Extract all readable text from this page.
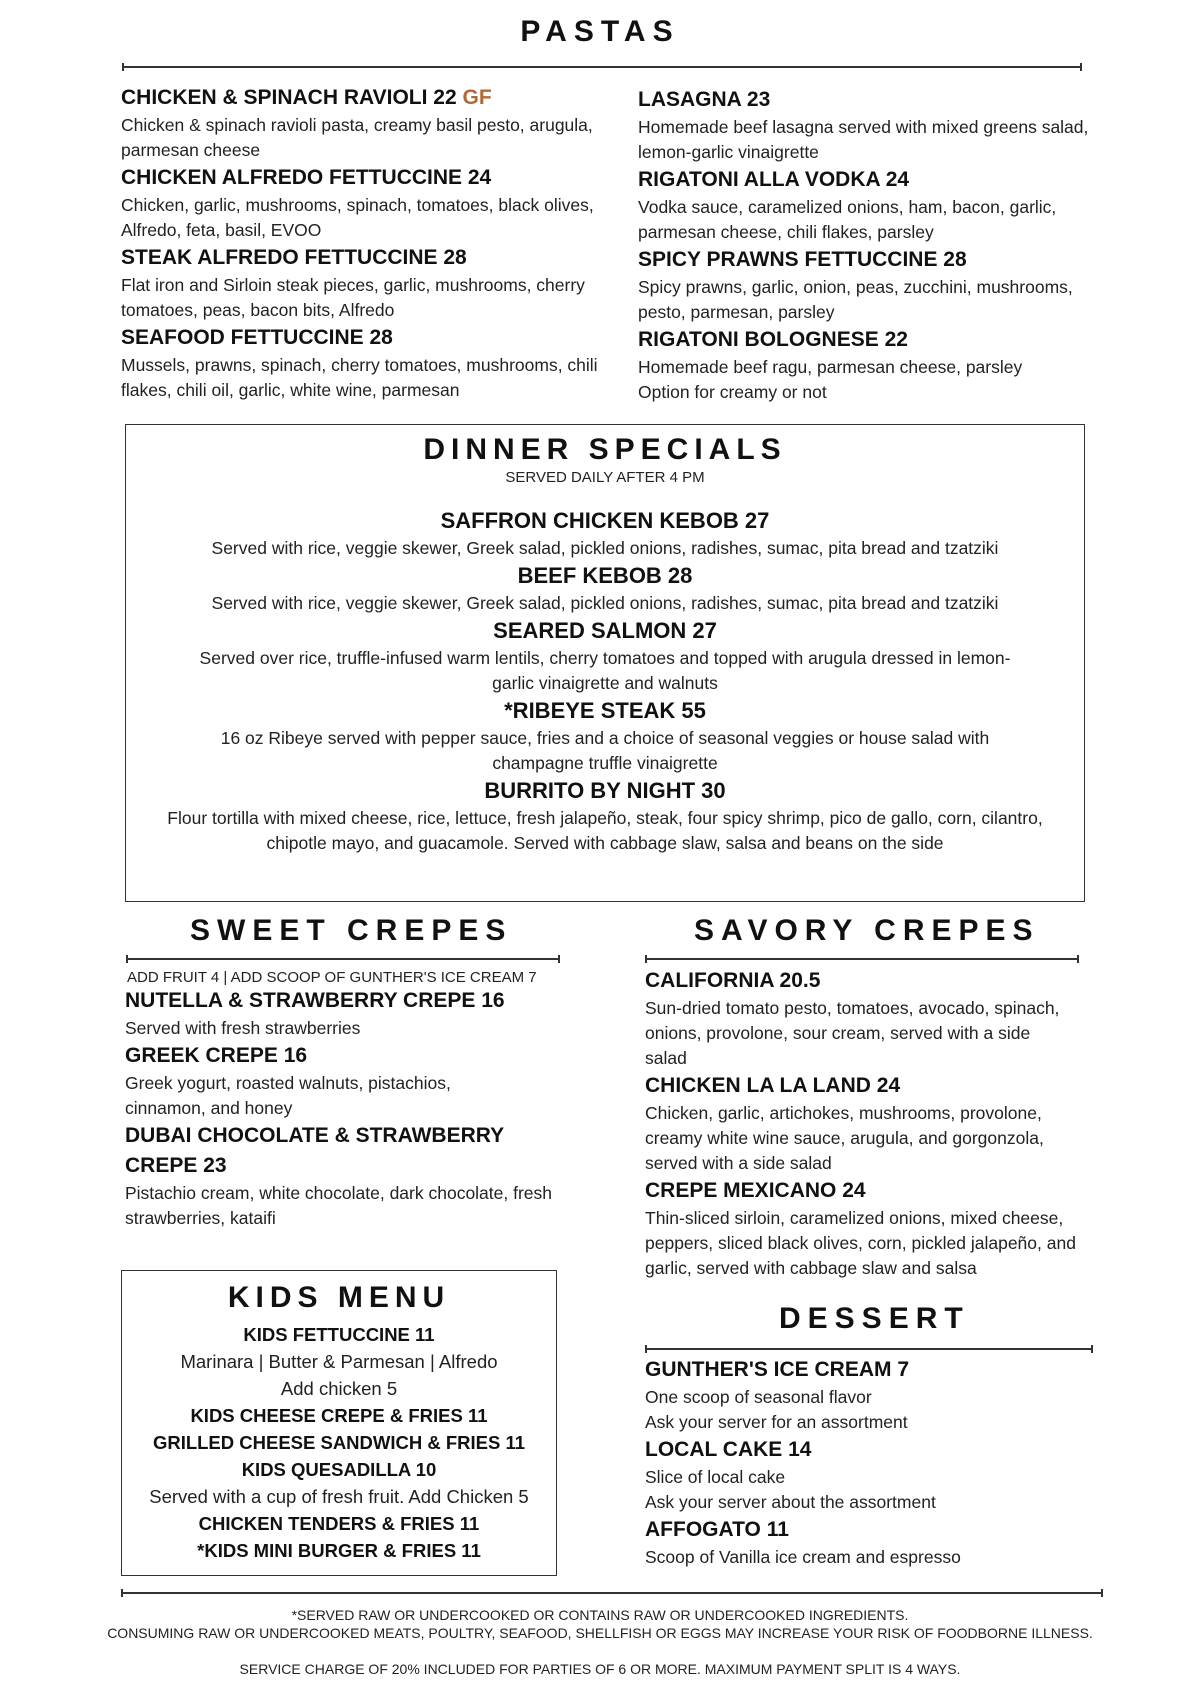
PASTAS
CHICKEN & SPINACH RAVIOLI 22 GF
Chicken & spinach ravioli pasta, creamy basil pesto, arugula, parmesan cheese
CHICKEN ALFREDO FETTUCCINE 24
Chicken, garlic, mushrooms, spinach, tomatoes, black olives, Alfredo, feta, basil, EVOO
STEAK ALFREDO FETTUCCINE 28
Flat iron and Sirloin steak pieces, garlic, mushrooms, cherry tomatoes, peas, bacon bits, Alfredo
SEAFOOD FETTUCCINE 28
Mussels, prawns, spinach, cherry tomatoes, mushrooms, chili flakes, chili oil, garlic, white wine, parmesan
LASAGNA 23
Homemade beef lasagna served with mixed greens salad, lemon-garlic vinaigrette
RIGATONI ALLA VODKA 24
Vodka sauce, caramelized onions, ham, bacon, garlic, parmesan cheese, chili flakes, parsley
SPICY PRAWNS FETTUCCINE 28
Spicy prawns, garlic, onion, peas, zucchini, mushrooms, pesto, parmesan, parsley
RIGATONI BOLOGNESE 22
Homemade beef ragu, parmesan cheese, parsley
Option for creamy or not
DINNER SPECIALS
SERVED DAILY AFTER 4 PM
SAFFRON CHICKEN KEBOB 27
Served with rice, veggie skewer, Greek salad, pickled onions, radishes, sumac, pita bread and tzatziki
BEEF KEBOB 28
Served with rice, veggie skewer, Greek salad, pickled onions, radishes, sumac, pita bread and tzatziki
SEARED SALMON 27
Served over rice, truffle-infused warm lentils, cherry tomatoes and topped with arugula dressed in lemon-garlic vinaigrette and walnuts
*RIBEYE STEAK 55
16 oz Ribeye served with pepper sauce, fries and a choice of seasonal veggies or house salad with champagne truffle vinaigrette
BURRITO BY NIGHT 30
Flour tortilla with mixed cheese, rice, lettuce, fresh jalapeño, steak, four spicy shrimp, pico de gallo, corn, cilantro, chipotle mayo, and guacamole. Served with cabbage slaw, salsa and beans on the side
SWEET CREPES
ADD FRUIT 4 | ADD SCOOP OF GUNTHER'S ICE CREAM 7
NUTELLA & STRAWBERRY CREPE 16
Served with fresh strawberries
GREEK CREPE 16
Greek yogurt, roasted walnuts, pistachios, cinnamon, and honey
DUBAI CHOCOLATE & STRAWBERRY CREPE 23
Pistachio cream, white chocolate, dark chocolate, fresh strawberries, kataifi
SAVORY CREPES
CALIFORNIA 20.5
Sun-dried tomato pesto, tomatoes, avocado, spinach, onions, provolone, sour cream, served with a side salad
CHICKEN LA LA LAND 24
Chicken, garlic, artichokes, mushrooms, provolone, creamy white wine sauce, arugula, and gorgonzola, served with a side salad
CREPE MEXICANO 24
Thin-sliced sirloin, caramelized onions, mixed cheese, peppers, sliced black olives, corn, pickled jalapeño, and garlic, served with cabbage slaw and salsa
KIDS MENU
KIDS FETTUCCINE 11
Marinara | Butter & Parmesan | Alfredo
Add chicken 5
KIDS CHEESE CREPE & FRIES 11
GRILLED CHEESE SANDWICH & FRIES 11
KIDS QUESADILLA 10
Served with a cup of fresh fruit. Add Chicken 5
CHICKEN TENDERS & FRIES 11
*KIDS MINI BURGER & FRIES 11
DESSERT
GUNTHER'S ICE CREAM 7
One scoop of seasonal flavor
Ask your server for an assortment
LOCAL CAKE 14
Slice of local cake
Ask your server about the assortment
AFFOGATO 11
Scoop of Vanilla ice cream and espresso
*SERVED RAW OR UNDERCOOKED OR CONTAINS RAW OR UNDERCOOKED INGREDIENTS.
CONSUMING RAW OR UNDERCOOKED MEATS, POULTRY, SEAFOOD, SHELLFISH OR EGGS MAY INCREASE YOUR RISK OF FOODBORNE ILLNESS.
SERVICE CHARGE OF 20% INCLUDED FOR PARTIES OF 6 OR MORE. MAXIMUM PAYMENT SPLIT IS 4 WAYS.
